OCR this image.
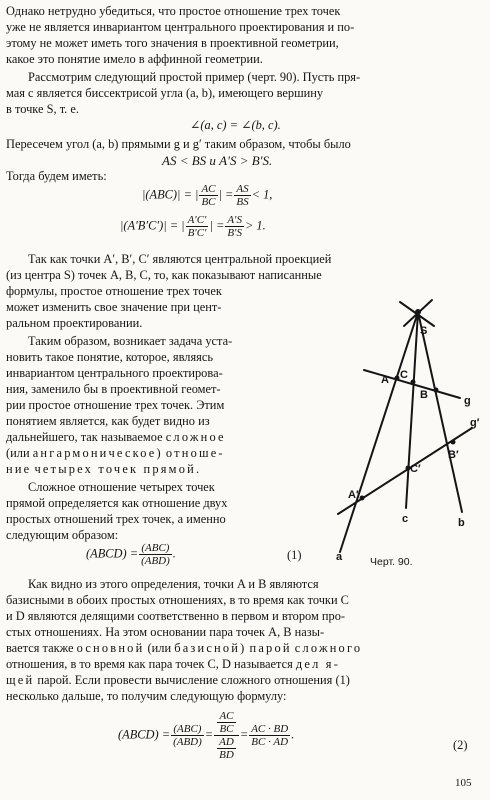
Однако нетрудно убедиться, что простое отношение трех точек
уже не является инвариантом центрального проектирования и по-
этому не может иметь того значения в проективной геометрии,
какое это понятие имело в аффинной геометрии.
Рассмотрим следующий простой пример (черт. 90). Пусть пря-
мая c является биссектрисой угла (a, b), имеющего вершину
в точке S, т. е.
∠(a, c) = ∠(b, c).
Пересечем угол (a, b) прямыми g и g′ таким образом, чтобы было
AS < BS и A′S > B′S.
Тогда будем иметь:
|(ABC)| = | $\frac{AC}{BC}$ | = $\frac{AS}{BS} < 1$,
|(A′B′C′)| = | $\frac{A'C'}{B'C'}$ | = $\frac{A'S}{B'S} > 1$.
Так как точки A′, B′, C′ являются центральной проекцией
(из центра S) точек A, B, C, то, как показывают написанные
формулы, простое отношение трех точек
может изменить свое значение при цент-
ральном проектировании.
Таким образом, возникает задача уста-
новить такое понятие, которое, являясь
инвариантом центрального проектирова-
ния, заменило бы в проективной геомет-
рии простое отношение трех точек. Этим
понятием является, как будет видно из
дальнейшего, так называемое сложное
(или ангармоническое) отноше-
ние четырех точек прямой.
Сложное отношение четырех точек
прямой определяется как отношение двух
простых отношений трех точек, а именно
следующим образом:
(ABCD) = (ABC)
(ABD)
.	(1)
Как видно из этого определения, точки A и B являются
базисными в обоих простых отношениях, в то время как точки C
и D являются делящими соответственно в первом и втором про-
стых отношениях. На этом основании пара точек A, B назы-
вается также основной (или базисной) парой сложного
отношения, в то время как пара точек C, D называется дел я-
щей парой. Если провести вычисление сложного отношения (1)
несколько дальше, то получим следующую формулу:
(ABCD) = (ABC)
(ABD)
= $\frac{AC}{BC}$
$\frac{AD}{BD}$
= $\frac{AC \cdot BD}{BC \cdot AD}$ .
(2)
105
S
A C
B	g
g′
B′
C′
A′
a
c	b
Черт. 90.
